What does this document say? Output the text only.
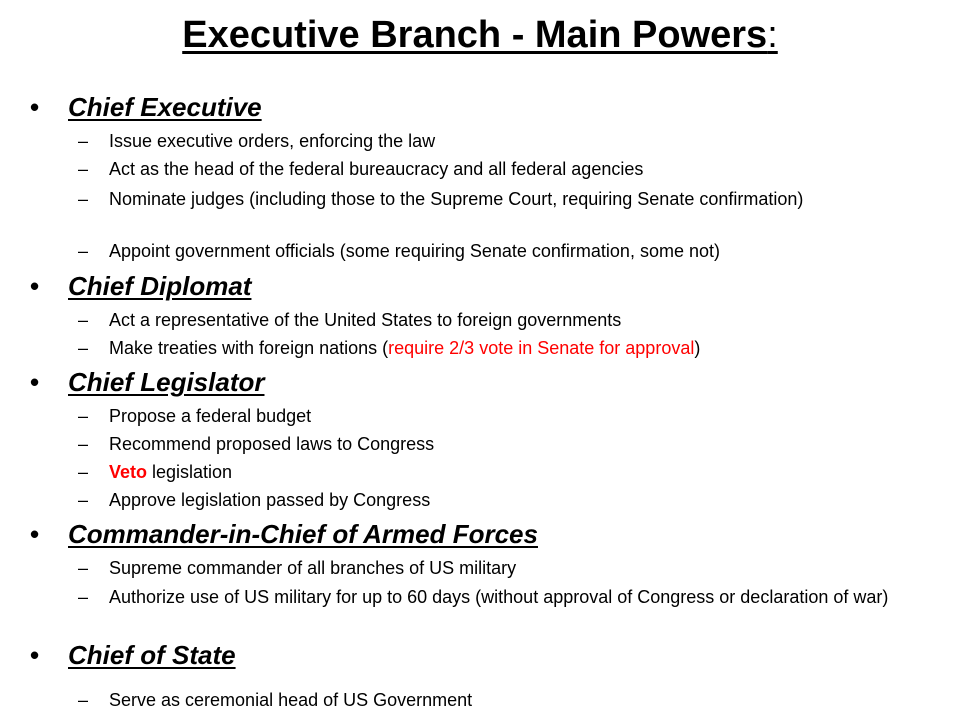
Executive Branch - Main Powers:
•	Chief Executive
–	Issue executive orders, enforcing the law
–	Act as the head of the federal bureaucracy and all federal agencies
–	Nominate judges (including those to the Supreme Court, requiring Senate confirmation)
–	Appoint government officials (some requiring Senate confirmation, some not)
•	Chief Diplomat
–	Act a representative of the United States to foreign governments
–	Make treaties with foreign nations (require 2/3 vote in Senate for approval)
•	Chief Legislator
–	Propose a federal budget
–	Recommend proposed laws to Congress
–	Veto legislation
–	Approve legislation passed by Congress
•	Commander-in-Chief of Armed Forces
–	Supreme commander of all branches of US military
–	Authorize use of US military for up to 60 days (without approval of Congress or declaration of war)
•	Chief of State
–	Serve as ceremonial head of US Government
